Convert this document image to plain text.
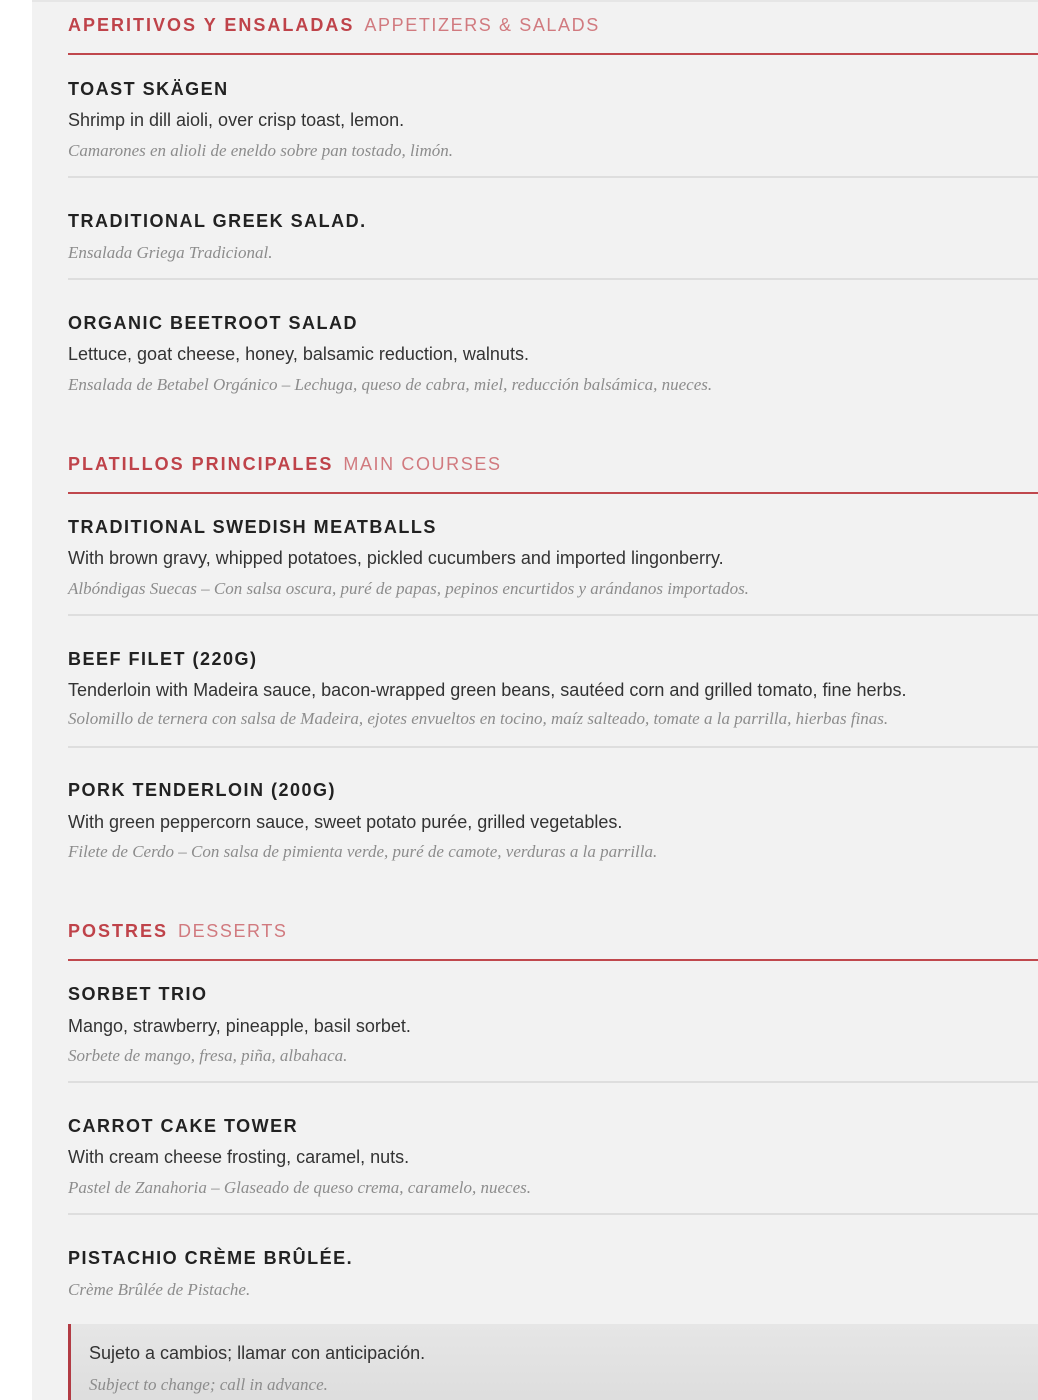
APERITIVOS Y ENSALADAS APPETIZERS & SALADS
TOAST SKÄGEN
Shrimp in dill aioli, over crisp toast, lemon.
Camarones en alioli de eneldo sobre pan tostado, limón.
TRADITIONAL GREEK SALAD.
Ensalada Griega Tradicional.
ORGANIC BEETROOT SALAD
Lettuce, goat cheese, honey, balsamic reduction, walnuts.
Ensalada de Betabel Orgánico – Lechuga, queso de cabra, miel, reducción balsámica, nueces.
PLATILLOS PRINCIPALES MAIN COURSES
TRADITIONAL SWEDISH MEATBALLS
With brown gravy, whipped potatoes, pickled cucumbers and imported lingonberry.
Albóndigas Suecas – Con salsa oscura, puré de papas, pepinos encurtidos y arándanos importados.
BEEF FILET (220G)
Tenderloin with Madeira sauce, bacon-wrapped green beans, sautéed corn and grilled tomato, fine herbs.
Solomillo de ternera con salsa de Madeira, ejotes envueltos en tocino, maíz salteado, tomate a la parrilla, hierbas finas.
PORK TENDERLOIN (200G)
With green peppercorn sauce, sweet potato purée, grilled vegetables.
Filete de Cerdo – Con salsa de pimienta verde, puré de camote, verduras a la parrilla.
POSTRES DESSERTS
SORBET TRIO
Mango, strawberry, pineapple, basil sorbet.
Sorbete de mango, fresa, piña, albahaca.
CARROT CAKE TOWER
With cream cheese frosting, caramel, nuts.
Pastel de Zanahoria – Glaseado de queso crema, caramelo, nueces.
PISTACHIO CRÈME BRÛLÉE.
Crème Brûlée de Pistache.
Sujeto a cambios; llamar con anticipación.
Subject to change; call in advance.
